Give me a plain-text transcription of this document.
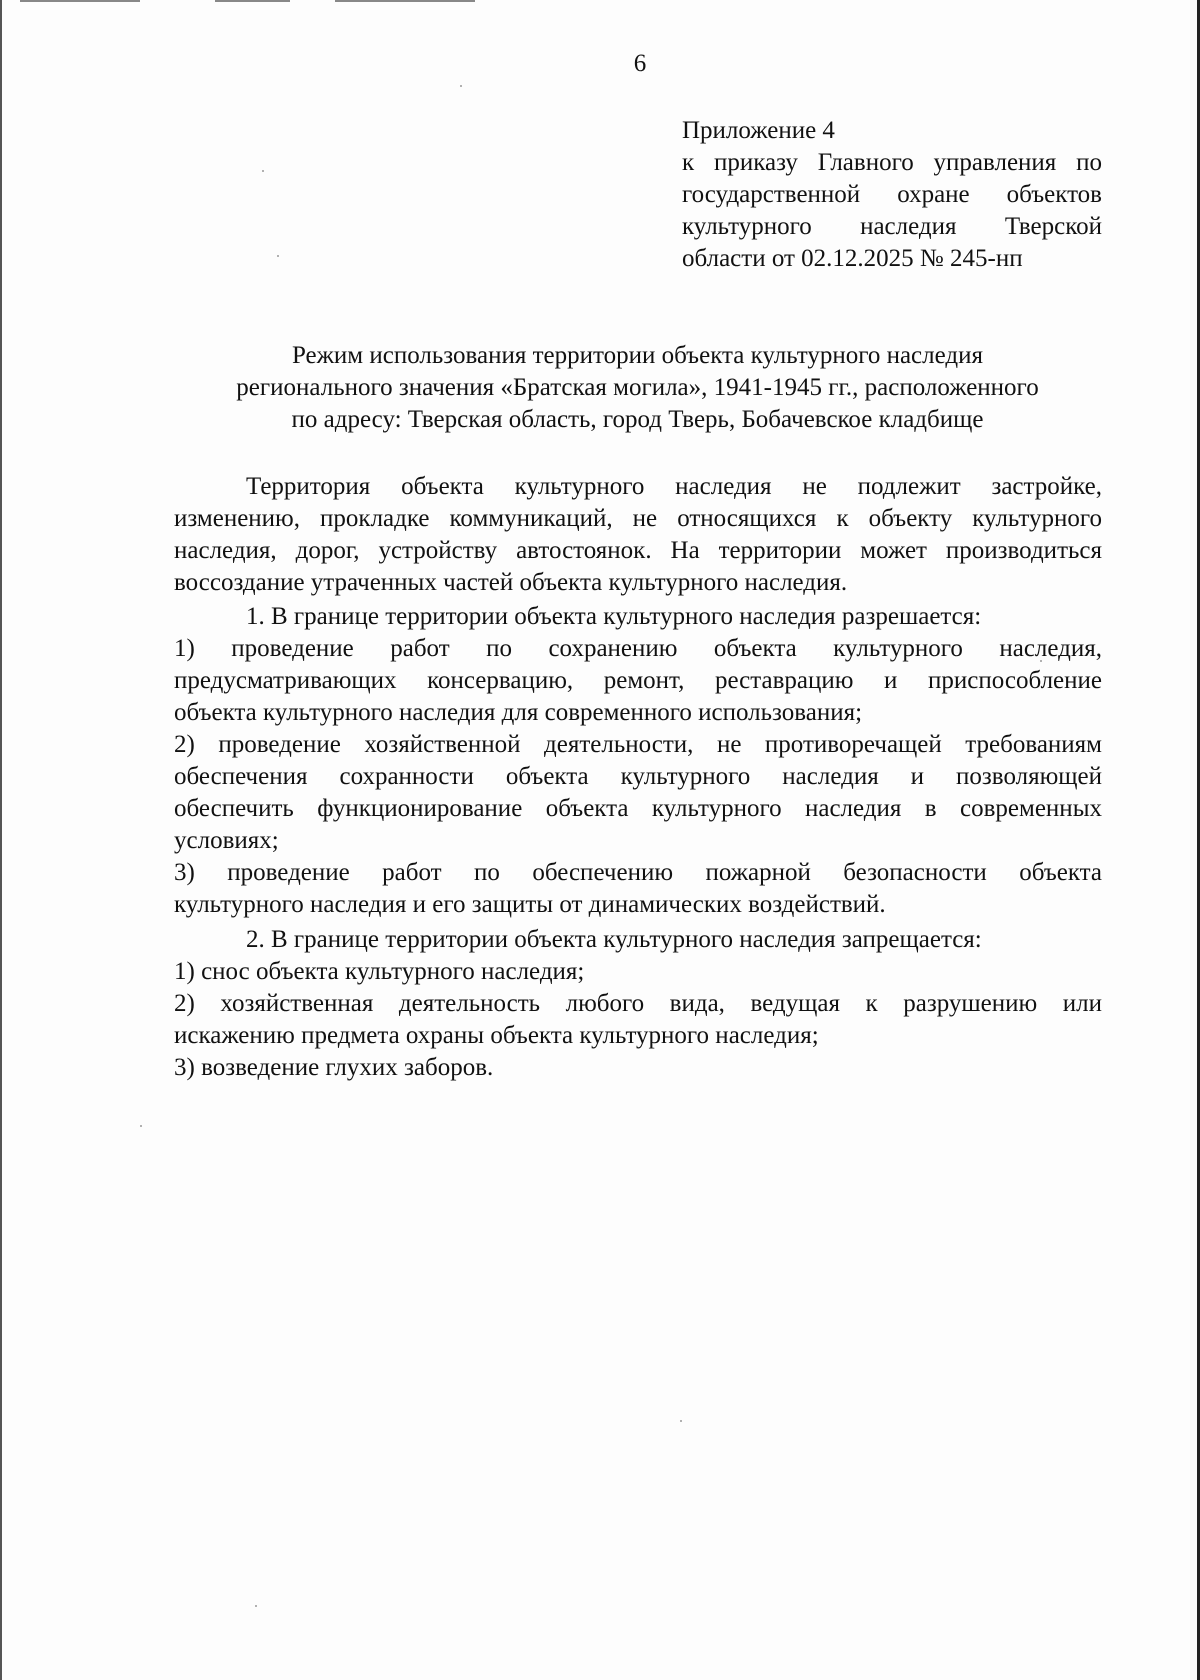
6
Приложение 4
к приказу Главного управления по
государственной охране объектов
культурного наследия Тверской
области от 02.12.2025 № 245-нп
Режим использования территории объекта культурного наследия
регионального значения «Братская могила», 1941-1945 гг., расположенного
по адресу: Тверская область, город Тверь, Бобачевское кладбище
Территория объекта культурного наследия не подлежит застройке,
изменению, прокладке коммуникаций, не относящихся к объекту культурного
наследия, дорог, устройству автостоянок. На территории может производиться
воссоздание утраченных частей объекта культурного наследия.
1. В границе территории объекта культурного наследия разрешается:
1) проведение работ по сохранению объекта культурного наследия,
предусматривающих консервацию, ремонт, реставрацию и приспособление
объекта культурного наследия для современного использования;
2) проведение хозяйственной деятельности, не противоречащей требованиям
обеспечения сохранности объекта культурного наследия и позволяющей
обеспечить функционирование объекта культурного наследия в современных
условиях;
3) проведение работ по обеспечению пожарной безопасности объекта
культурного наследия и его защиты от динамических воздействий.
2. В границе территории объекта культурного наследия запрещается:
1) снос объекта культурного наследия;
2) хозяйственная деятельность любого вида, ведущая к разрушению или
искажению предмета охраны объекта культурного наследия;
3) возведение глухих заборов.
